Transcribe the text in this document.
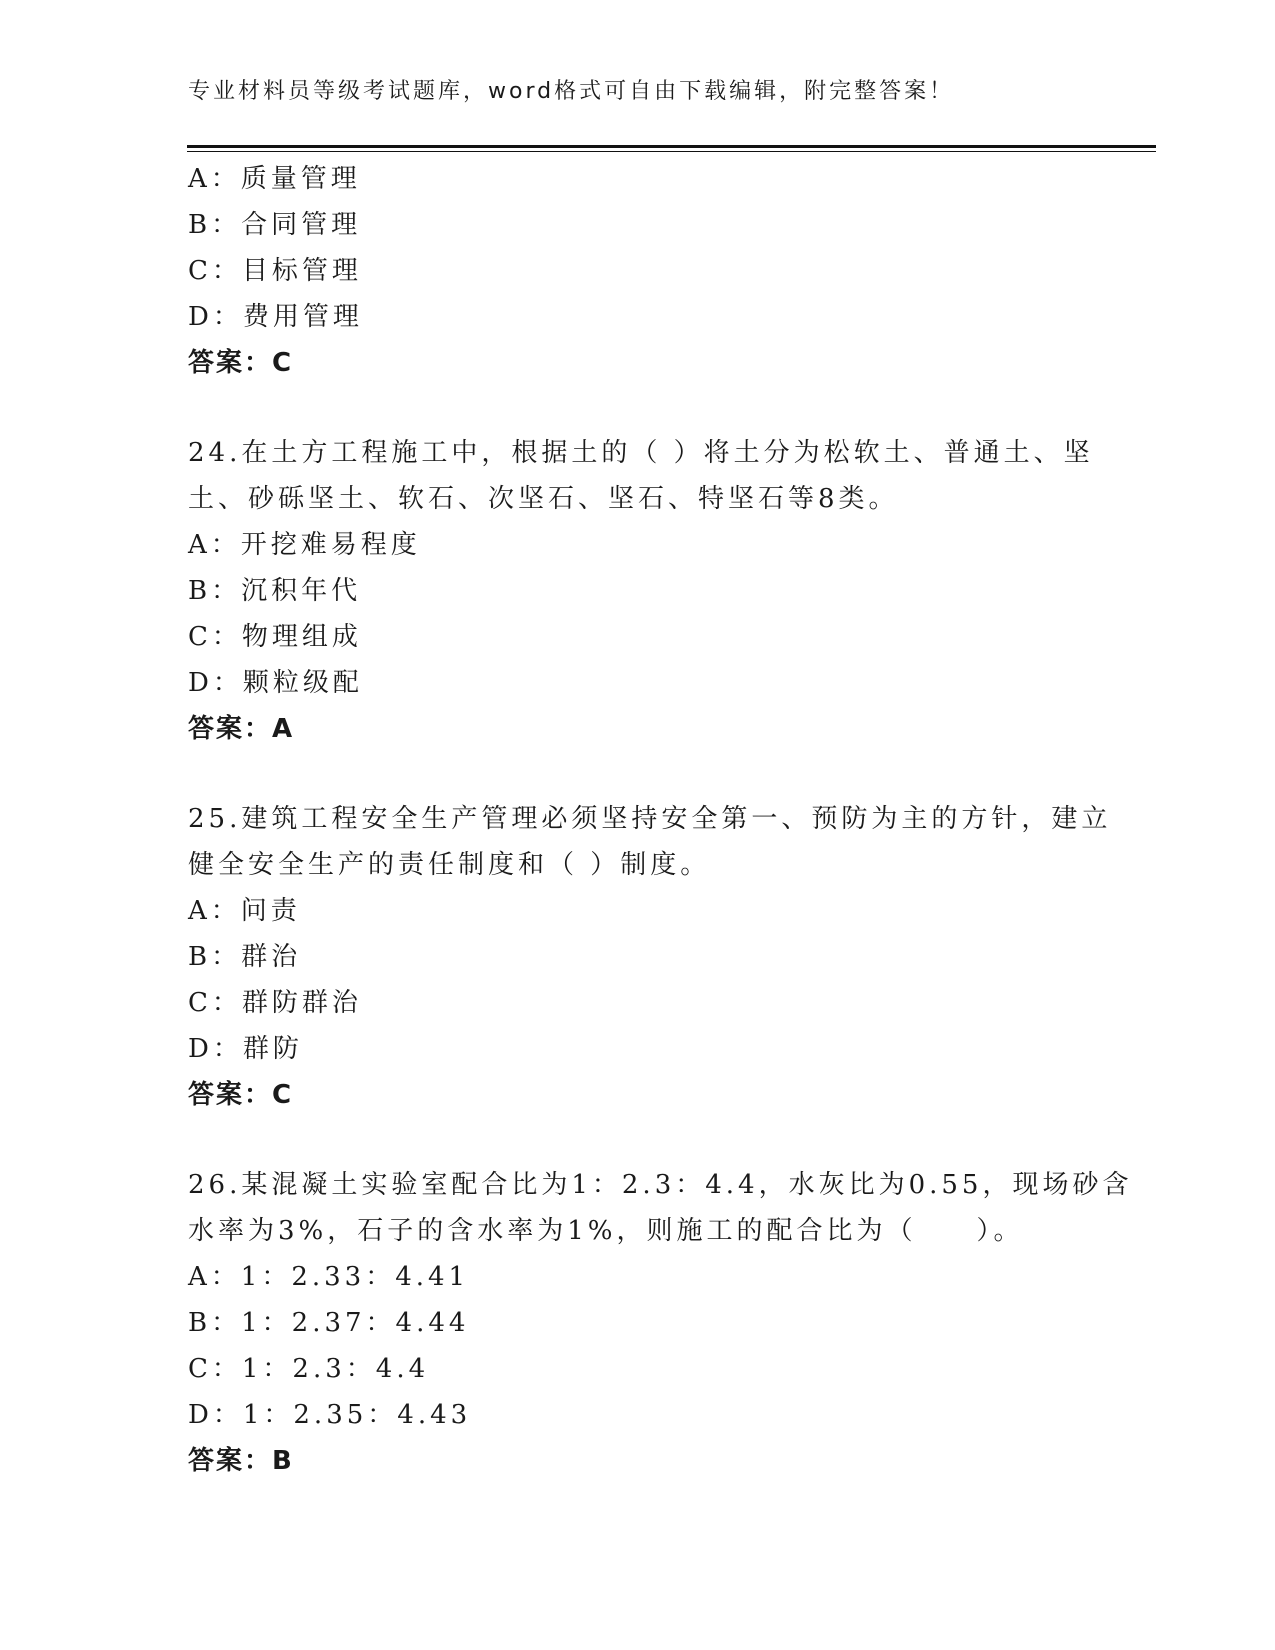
专业材料员等级考试题库，word格式可自由下载编辑，附完整答案！
A：质量管理
B：合同管理
C：目标管理
D：费用管理
答案：C
24.在土方工程施工中，根据土的（ ）将土分为松软土、普通土、坚
土、砂砾坚土、软石、次坚石、坚石、特坚石等8类。
A：开挖难易程度
B：沉积年代
C：物理组成
D：颗粒级配
答案：A
25.建筑工程安全生产管理必须坚持安全第一、预防为主的方针，建立
健全安全生产的责任制度和（ ）制度。
A：问责
B：群治
C：群防群治
D：群防
答案：C
26.某混凝土实验室配合比为1：2.3：4.4，水灰比为0.55，现场砂含
水率为3%，石子的含水率为1%，则施工的配合比为（　　）。
A：1：2.33：4.41
B：1：2.37：4.44
C：1：2.3：4.4
D：1：2.35：4.43
答案：B
